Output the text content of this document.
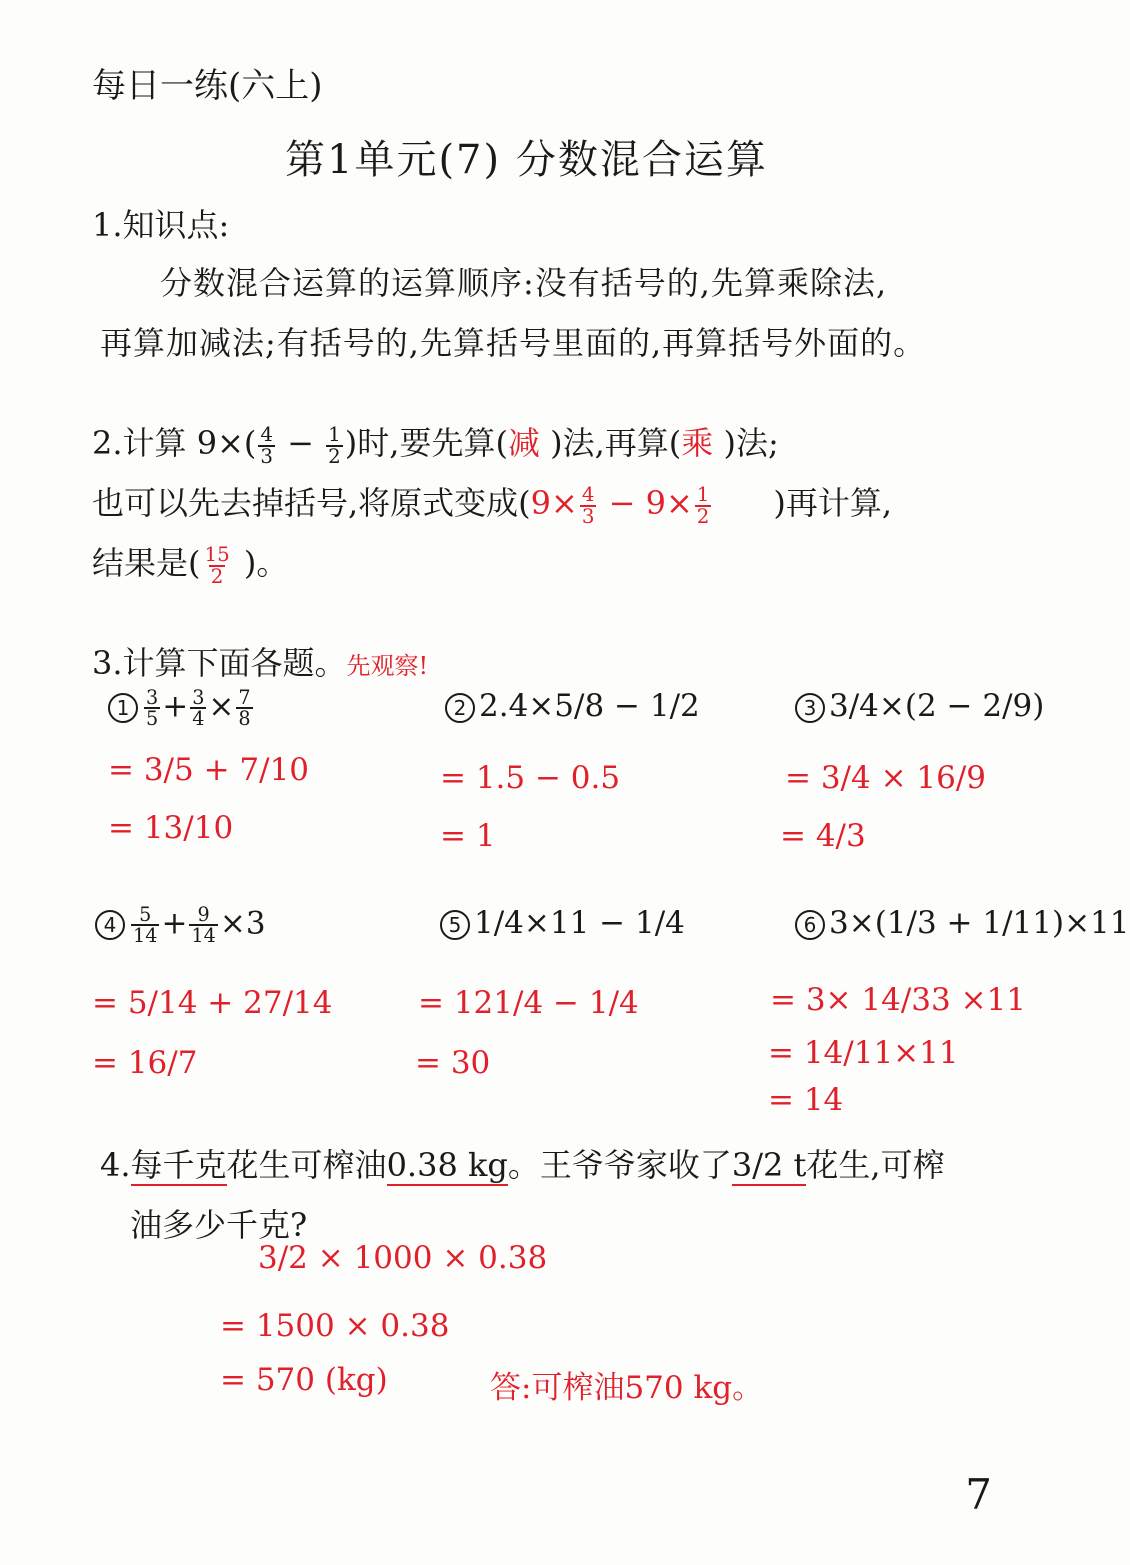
每日一练(六上)
第1单元(7) 分数混合运算
1.知识点:
分数混合运算的运算顺序:没有括号的,先算乘除法,
再算加减法;有括号的,先算括号里面的,再算括号外面的。
2.计算 $9\times( \frac{4}{3} - \frac{1}{2}$ )时,要先算(减 )法,再算(乘 )法;
也可以先去掉括号,将原式变成($9\times \frac{4}{3} - 9\times \frac{1}{2}$ )再计算,
结果是( $\frac{15}{2}$ )。
3.计算下面各题。先观察!
$1 \frac{3}{5} + \frac{3}{4} \times \frac{7}{8}$
= 3/5 + 7/10
= 13/10
2 2.4×5/8 − 1/2
= 1.5 − 0.5
= 1
3 3/4×(2 − 2/9)
= 3/4 × 16/9
= 4/3
$4 \frac{5}{14} + \frac{9}{14} \times 3$
= 5/14 + 27/14
= 16/7
5 1/4×11 − 1/4
= 121/4 − 1/4
= 30
6 3×(1/3 + 1/11)×11
= 3× 14/33 ×11
= 14/11×11
= 14
4.每千克花生可榨油0.38 kg。王爷爷家收了3/2 t花生,可榨
油多少千克?
3/2 × 1000 × 0.38
= 1500 × 0.38
= 570 (kg)	答:可榨油570 kg。
7
